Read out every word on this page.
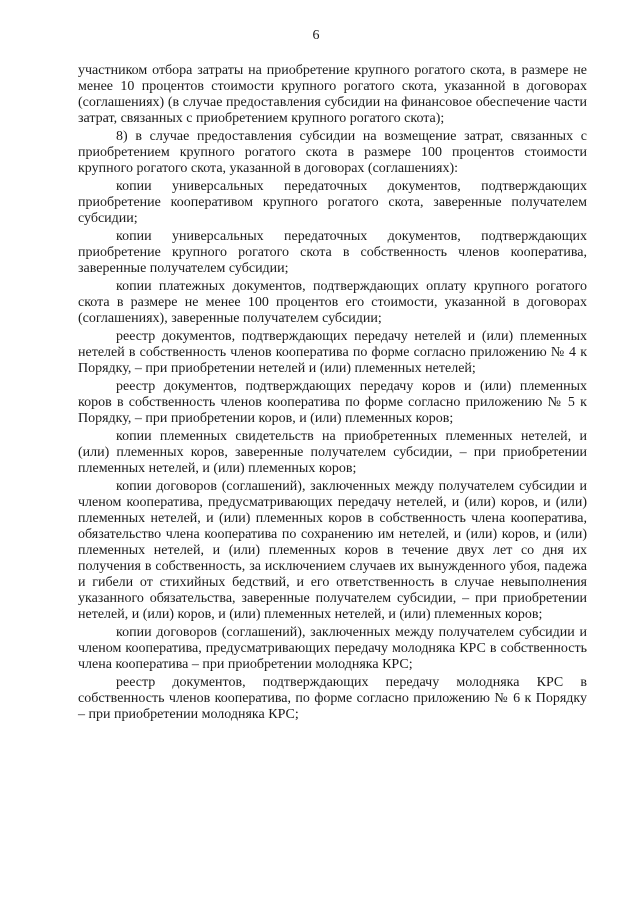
6

участником отбора затраты на приобретение крупного рогатого скота, в размере не менее 10 процентов стоимости крупного рогатого скота, указанной в договорах (соглашениях) (в случае предоставления субсидии на финансовое обеспечение части затрат, связанных с приобретением крупного рогатого скота);

8) в случае предоставления субсидии на возмещение затрат, связанных с приобретением крупного рогатого скота в размере 100 процентов стоимости крупного рогатого скота, указанной в договорах (соглашениях):

копии универсальных передаточных документов, подтверждающих приобретение кооперативом крупного рогатого скота, заверенные получателем субсидии;

копии универсальных передаточных документов, подтверждающих приобретение крупного рогатого скота в собственность членов кооператива, заверенные получателем субсидии;

копии платежных документов, подтверждающих оплату крупного рогатого скота в размере не менее 100 процентов его стоимости, указанной в договорах (соглашениях), заверенные получателем субсидии;

реестр документов, подтверждающих передачу нетелей и (или) племенных нетелей в собственность членов кооператива по форме согласно приложению № 4 к Порядку, – при приобретении нетелей и (или) племенных нетелей;

реестр документов, подтверждающих передачу коров и (или) племенных коров в собственность членов кооператива по форме согласно приложению № 5 к Порядку, – при приобретении коров, и (или) племенных коров;

копии племенных свидетельств на приобретенных племенных нетелей, и (или) племенных коров, заверенные получателем субсидии, – при приобретении племенных нетелей, и (или) племенных коров;

копии договоров (соглашений), заключенных между получателем субсидии и членом кооператива, предусматривающих передачу нетелей, и (или) коров, и (или) племенных нетелей, и (или) племенных коров в собственность члена кооператива, обязательство члена кооператива по сохранению им нетелей, и (или) коров, и (или) племенных нетелей, и (или) племенных коров в течение двух лет со дня их получения в собственность, за исключением случаев их вынужденного убоя, падежа и гибели от стихийных бедствий, и его ответственность в случае невыполнения указанного обязательства, заверенные получателем субсидии, – при приобретении нетелей, и (или) коров, и (или) племенных нетелей, и (или) племенных коров;

копии договоров (соглашений), заключенных между получателем субсидии и членом кооператива, предусматривающих передачу молодняка КРС в собственность члена кооператива – при приобретении молодняка КРС;

реестр документов, подтверждающих передачу молодняка КРС в собственность членов кооператива, по форме согласно приложению № 6 к Порядку – при приобретении молодняка КРС;
